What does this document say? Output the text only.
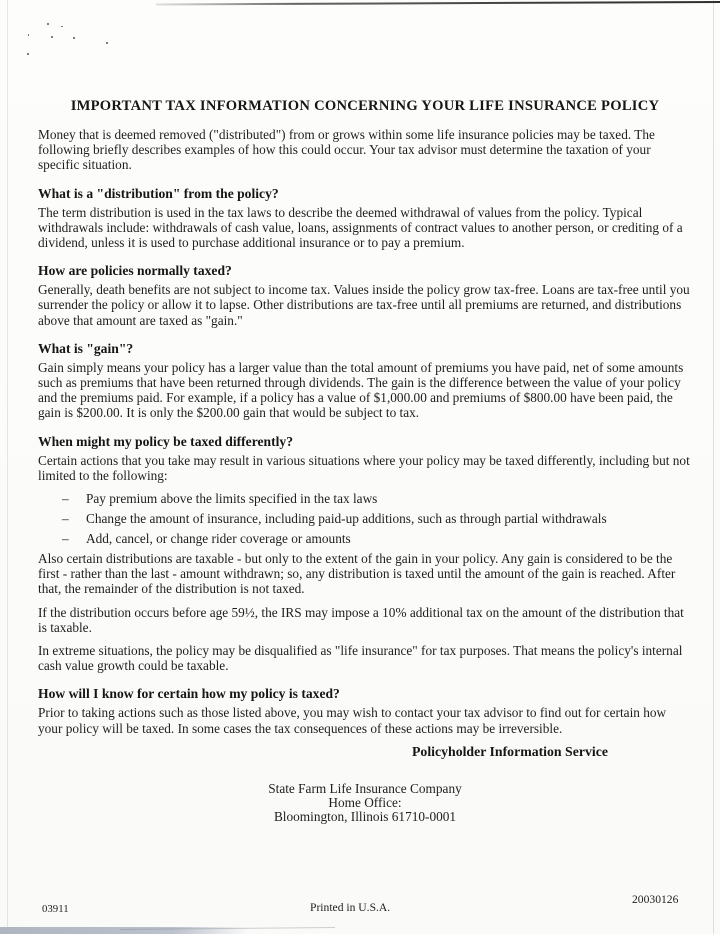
IMPORTANT TAX INFORMATION CONCERNING YOUR LIFE INSURANCE POLICY

Money that is deemed removed ("distributed") from or grows within some life insurance policies may be taxed. The following briefly describes examples of how this could occur. Your tax advisor must determine the taxation of your specific situation.

What is a "distribution" from the policy?

The term distribution is used in the tax laws to describe the deemed withdrawal of values from the policy. Typical withdrawals include: withdrawals of cash value, loans, assignments of contract values to another person, or crediting of a dividend, unless it is used to purchase additional insurance or to pay a premium.

How are policies normally taxed?

Generally, death benefits are not subject to income tax. Values inside the policy grow tax-free. Loans are tax-free until you surrender the policy or allow it to lapse. Other distributions are tax-free until all premiums are returned, and distributions above that amount are taxed as "gain."

What is "gain"?

Gain simply means your policy has a larger value than the total amount of premiums you have paid, net of some amounts such as premiums that have been returned through dividends. The gain is the difference between the value of your policy and the premiums paid. For example, if a policy has a value of $1,000.00 and premiums of $800.00 have been paid, the gain is $200.00. It is only the $200.00 gain that would be subject to tax.

When might my policy be taxed differently?

Certain actions that you take may result in various situations where your policy may be taxed differently, including but not limited to the following:

– Pay premium above the limits specified in the tax laws
– Change the amount of insurance, including paid-up additions, such as through partial withdrawals
– Add, cancel, or change rider coverage or amounts

Also certain distributions are taxable - but only to the extent of the gain in your policy. Any gain is considered to be the first - rather than the last - amount withdrawn; so, any distribution is taxed until the amount of the gain is reached. After that, the remainder of the distribution is not taxed.

If the distribution occurs before age 59½, the IRS may impose a 10% additional tax on the amount of the distribution that is taxable.

In extreme situations, the policy may be disqualified as "life insurance" for tax purposes. That means the policy's internal cash value growth could be taxable.

How will I know for certain how my policy is taxed?

Prior to taking actions such as those listed above, you may wish to contact your tax advisor to find out for certain how your policy will be taxed. In some cases the tax consequences of these actions may be irreversible.

Policyholder Information Service
State Farm Life Insurance Company
Home Office:
Bloomington, Illinois 61710-0001
03911	Printed in U.S.A.
20030126
